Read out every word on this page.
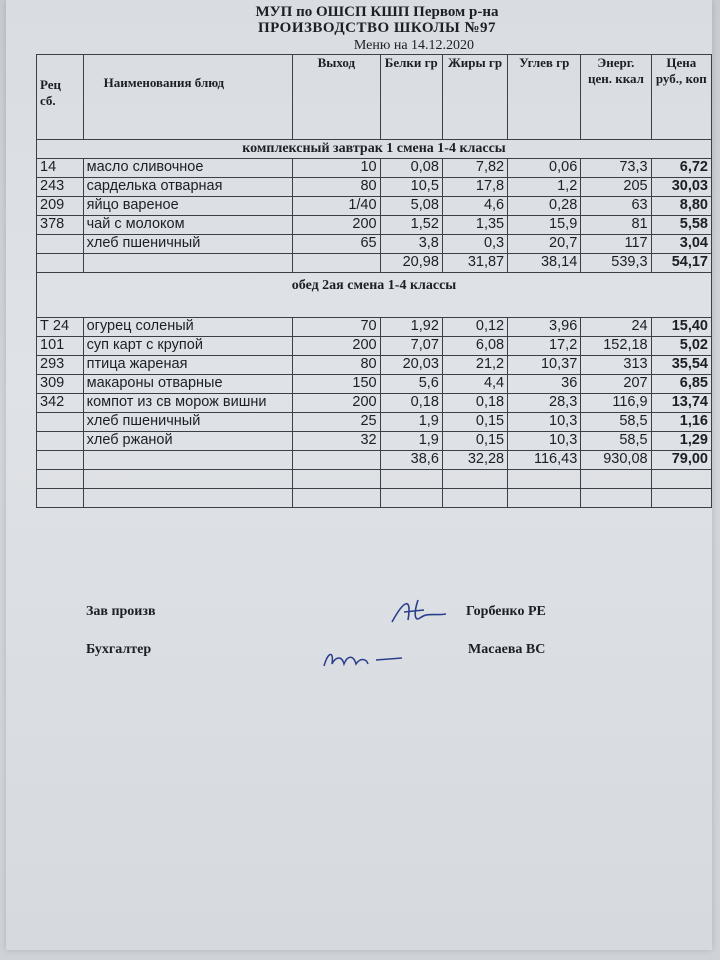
МУП по ОШСП КШП Первом р-на
ПРОИЗВОДСТВО ШКОЛЫ №97
Меню на 14.12.2020
Рец сб.	Наименования блюд	Выход	Белки гр	Жиры гр	Углев гр	Энерг. цен. ккал	Цена руб., коп
комплексный завтрак 1 смена 1-4 классы							
14	масло сливочное	10	0,08	7,82	0,06	73,3	6,72
243	сарделька отварная	80	10,5	17,8	1,2	205	30,03
209	яйцо вареное	1/40	5,08	4,6	0,28	63	8,80
378	чай с молоком	200	1,52	1,35	15,9	81	5,58
	хлеб пшеничный	65	3,8	0,3	20,7	117	3,04
			20,98	31,87	38,14	539,3	54,17
обед 2ая смена 1-4 классы							
Т 24	огурец соленый	70	1,92	0,12	3,96	24	15,40
101	суп карт с крупой	200	7,07	6,08	17,2	152,18	5,02
293	птица жареная	80	20,03	21,2	10,37	313	35,54
309	макароны отварные	150	5,6	4,4	36	207	6,85
342	компот из св морож вишни	200	0,18	0,18	28,3	116,9	13,74
	хлеб пшеничный	25	1,9	0,15	10,3	58,5	1,16
	хлеб ржаной	32	1,9	0,15	10,3	58,5	1,29
			38,6	32,28	116,43	930,08	79,00

Зав произв	Горбенко РЕ
Бухгалтер	Масаева ВС
